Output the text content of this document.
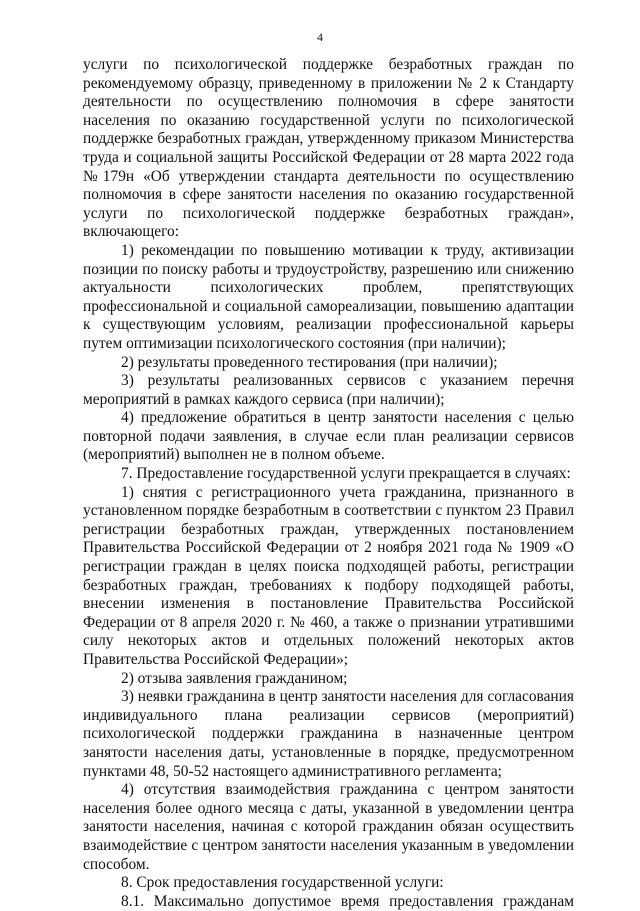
4

услуги по психологической поддержке безработных граждан по рекомендуемому образцу, приведенному в приложении № 2 к Стандарту деятельности по осуществлению полномочия в сфере занятости населения по оказанию государственной услуги по психологической поддержке безработных граждан, утвержденному приказом Министерства труда и социальной защиты Российской Федерации от 28 марта 2022 года №179н «Об утверждении стандарта деятельности по осуществлению полномочия в сфере занятости населения по оказанию государственной услуги по психологической поддержке безработных граждан», включающего:

1) рекомендации по повышению мотивации к труду, активизации позиции по поиску работы и трудоустройству, разрешению или снижению актуальности психологических проблем, препятствующих профессиональной и социальной самореализации, повышению адаптации к существующим условиям, реализации профессиональной карьеры путем оптимизации психологического состояния (при наличии);

2) результаты проведенного тестирования (при наличии);

3) результаты реализованных сервисов с указанием перечня мероприятий в рамках каждого сервиса (при наличии);

4) предложение обратиться в центр занятости населения с целью повторной подачи заявления, в случае если план реализации сервисов (мероприятий) выполнен не в полном объеме.

7. Предоставление государственной услуги прекращается в случаях:

1) снятия с регистрационного учета гражданина, признанного в установленном порядке безработным в соответствии с пунктом 23 Правил регистрации безработных граждан, утвержденных постановлением Правительства Российской Федерации от 2 ноября 2021 года № 1909 «О регистрации граждан в целях поиска подходящей работы, регистрации безработных граждан, требованиях к подбору подходящей работы, внесении изменения в постановление Правительства Российской Федерации от 8 апреля 2020 г. № 460, а также о признании утратившими силу некоторых актов и отдельных положений некоторых актов Правительства Российской Федерации»;

2) отзыва заявления гражданином;

3) неявки гражданина в центр занятости населения для согласования индивидуального плана реализации сервисов (мероприятий) психологической поддержки гражданина в назначенные центром занятости населения даты, установленные в порядке, предусмотренном пунктами 48, 50-52 настоящего административного регламента;

4) отсутствия взаимодействия гражданина с центром занятости населения более одного месяца с даты, указанной в уведомлении центра занятости населения, начиная с которой гражданин обязан осуществить взаимодействие с центром занятости населения указанным в уведомлении способом.

8. Срок предоставления государственной услуги:

8.1. Максимально допустимое время предоставления гражданам
